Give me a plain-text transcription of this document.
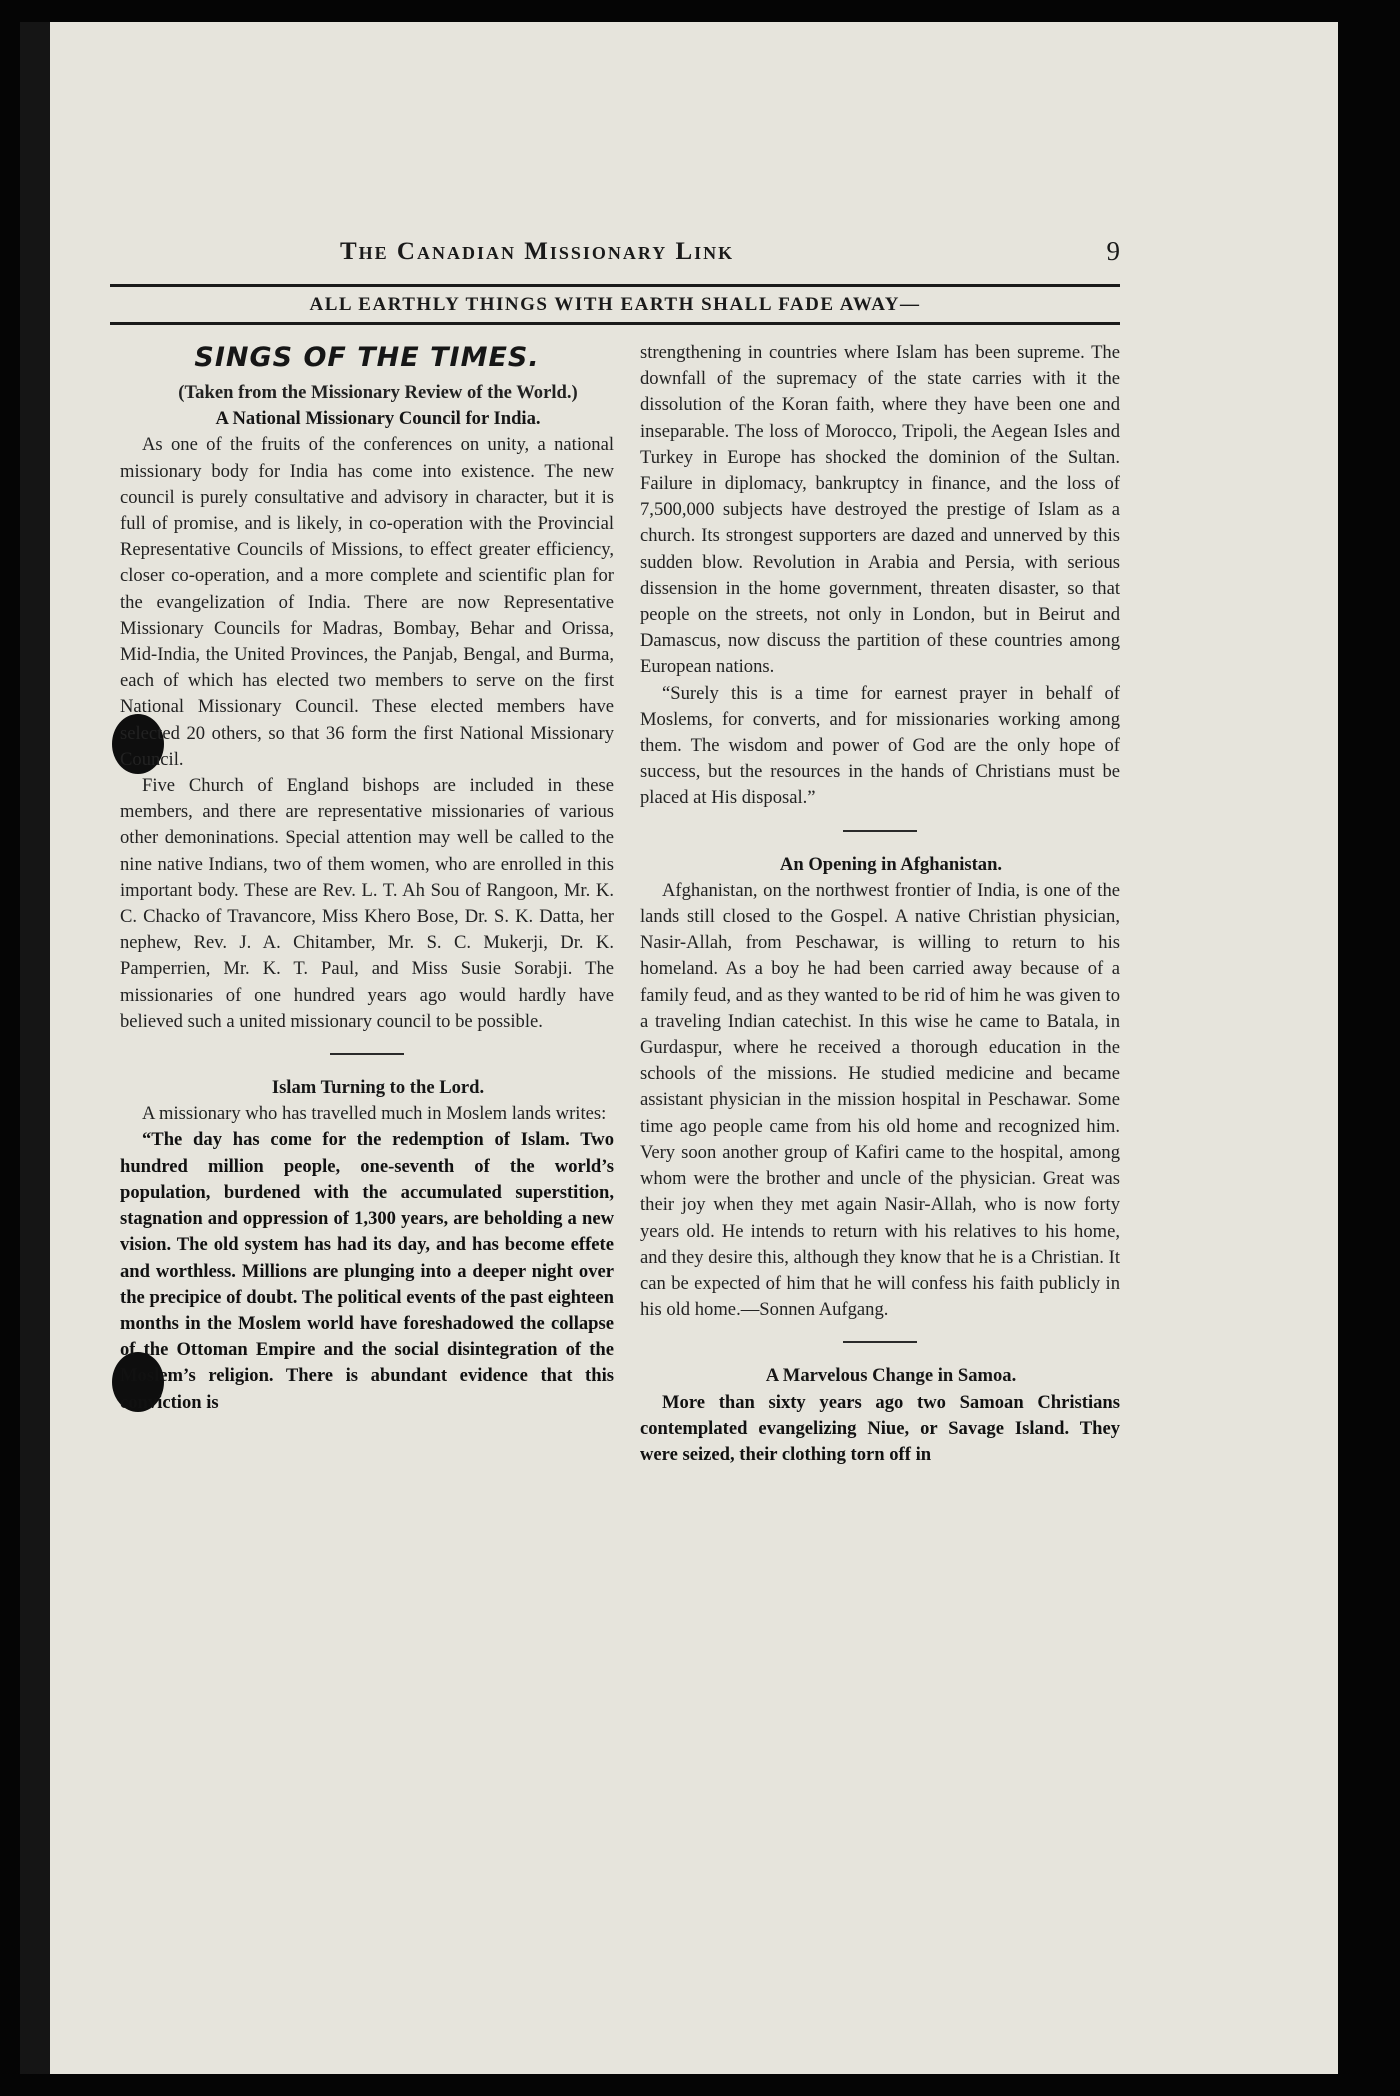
The Canadian Missionary Link	9
ALL EARTHLY THINGS WITH EARTH SHALL FADE AWAY—
SINGS OF THE TIMES.

(Taken from the Missionary Review of the World.)

A National Missionary Council for India.

As one of the fruits of the conferences on unity, a national missionary body for India has come into existence. The new council is purely consultative and advisory in character, but it is full of promise, and is likely, in co-operation with the Provincial Representative Councils of Missions, to effect greater efficiency, closer co-operation, and a more complete and scientific plan for the evangelization of India. There are now Representative Missionary Councils for Madras, Bombay, Behar and Orissa, Mid-India, the United Provinces, the Panjab, Bengal, and Burma, each of which has elected two members to serve on the first National Missionary Council. These elected members have selected 20 others, so that 36 form the first National Missionary Council.

Five Church of England bishops are included in these members, and there are representative missionaries of various other demoninations. Special attention may well be called to the nine native Indians, two of them women, who are enrolled in this important body. These are Rev. L. T. Ah Sou of Rangoon, Mr. K. C. Chacko of Travancore, Miss Khero Bose, Dr. S. K. Datta, her nephew, Rev. J. A. Chitamber, Mr. S. C. Mukerji, Dr. K. Pamperrien, Mr. K. T. Paul, and Miss Susie Sorabji. The missionaries of one hundred years ago would hardly have believed such a united missionary council to be possible.

Islam Turning to the Lord.

A missionary who has travelled much in Moslem lands writes:

“The day has come for the redemption of Islam. Two hundred million people, one-seventh of the world’s population, burdened with the accumulated superstition, stagnation and oppression of 1,300 years, are beholding a new vision. The old system has had its day, and has become effete and worthless. Millions are plunging into a deeper night over the precipice of doubt. The political events of the past eighteen months in the Moslem world have foreshadowed the collapse of the Ottoman Empire and the social disintegration of the Moslem’s religion. There is abundant evidence that this conviction is

strengthening in countries where Islam has been supreme. The downfall of the supremacy of the state carries with it the dissolution of the Koran faith, where they have been one and inseparable. The loss of Morocco, Tripoli, the Aegean Isles and Turkey in Europe has shocked the dominion of the Sultan. Failure in diplomacy, bankruptcy in finance, and the loss of 7,500,000 subjects have destroyed the prestige of Islam as a church. Its strongest supporters are dazed and unnerved by this sudden blow. Revolution in Arabia and Persia, with serious dissension in the home government, threaten disaster, so that people on the streets, not only in London, but in Beirut and Damascus, now discuss the partition of these countries among European nations.

“Surely this is a time for earnest prayer in behalf of Moslems, for converts, and for missionaries working among them. The wisdom and power of God are the only hope of success, but the resources in the hands of Christians must be placed at His disposal.”

An Opening in Afghanistan.

Afghanistan, on the northwest frontier of India, is one of the lands still closed to the Gospel. A native Christian physician, Nasir-Allah, from Peschawar, is willing to return to his homeland. As a boy he had been carried away because of a family feud, and as they wanted to be rid of him he was given to a traveling Indian catechist. In this wise he came to Batala, in Gurdaspur, where he received a thorough education in the schools of the missions. He studied medicine and became assistant physician in the mission hospital in Peschawar. Some time ago people came from his old home and recognized him. Very soon another group of Kafiri came to the hospital, among whom were the brother and uncle of the physician. Great was their joy when they met again Nasir-Allah, who is now forty years old. He intends to return with his relatives to his home, and they desire this, although they know that he is a Christian. It can be expected of him that he will confess his faith publicly in his old home.—Sonnen Aufgang.

A Marvelous Change in Samoa.

More than sixty years ago two Samoan Christians contemplated evangelizing Niue, or Savage Island. They were seized, their clothing torn off in
